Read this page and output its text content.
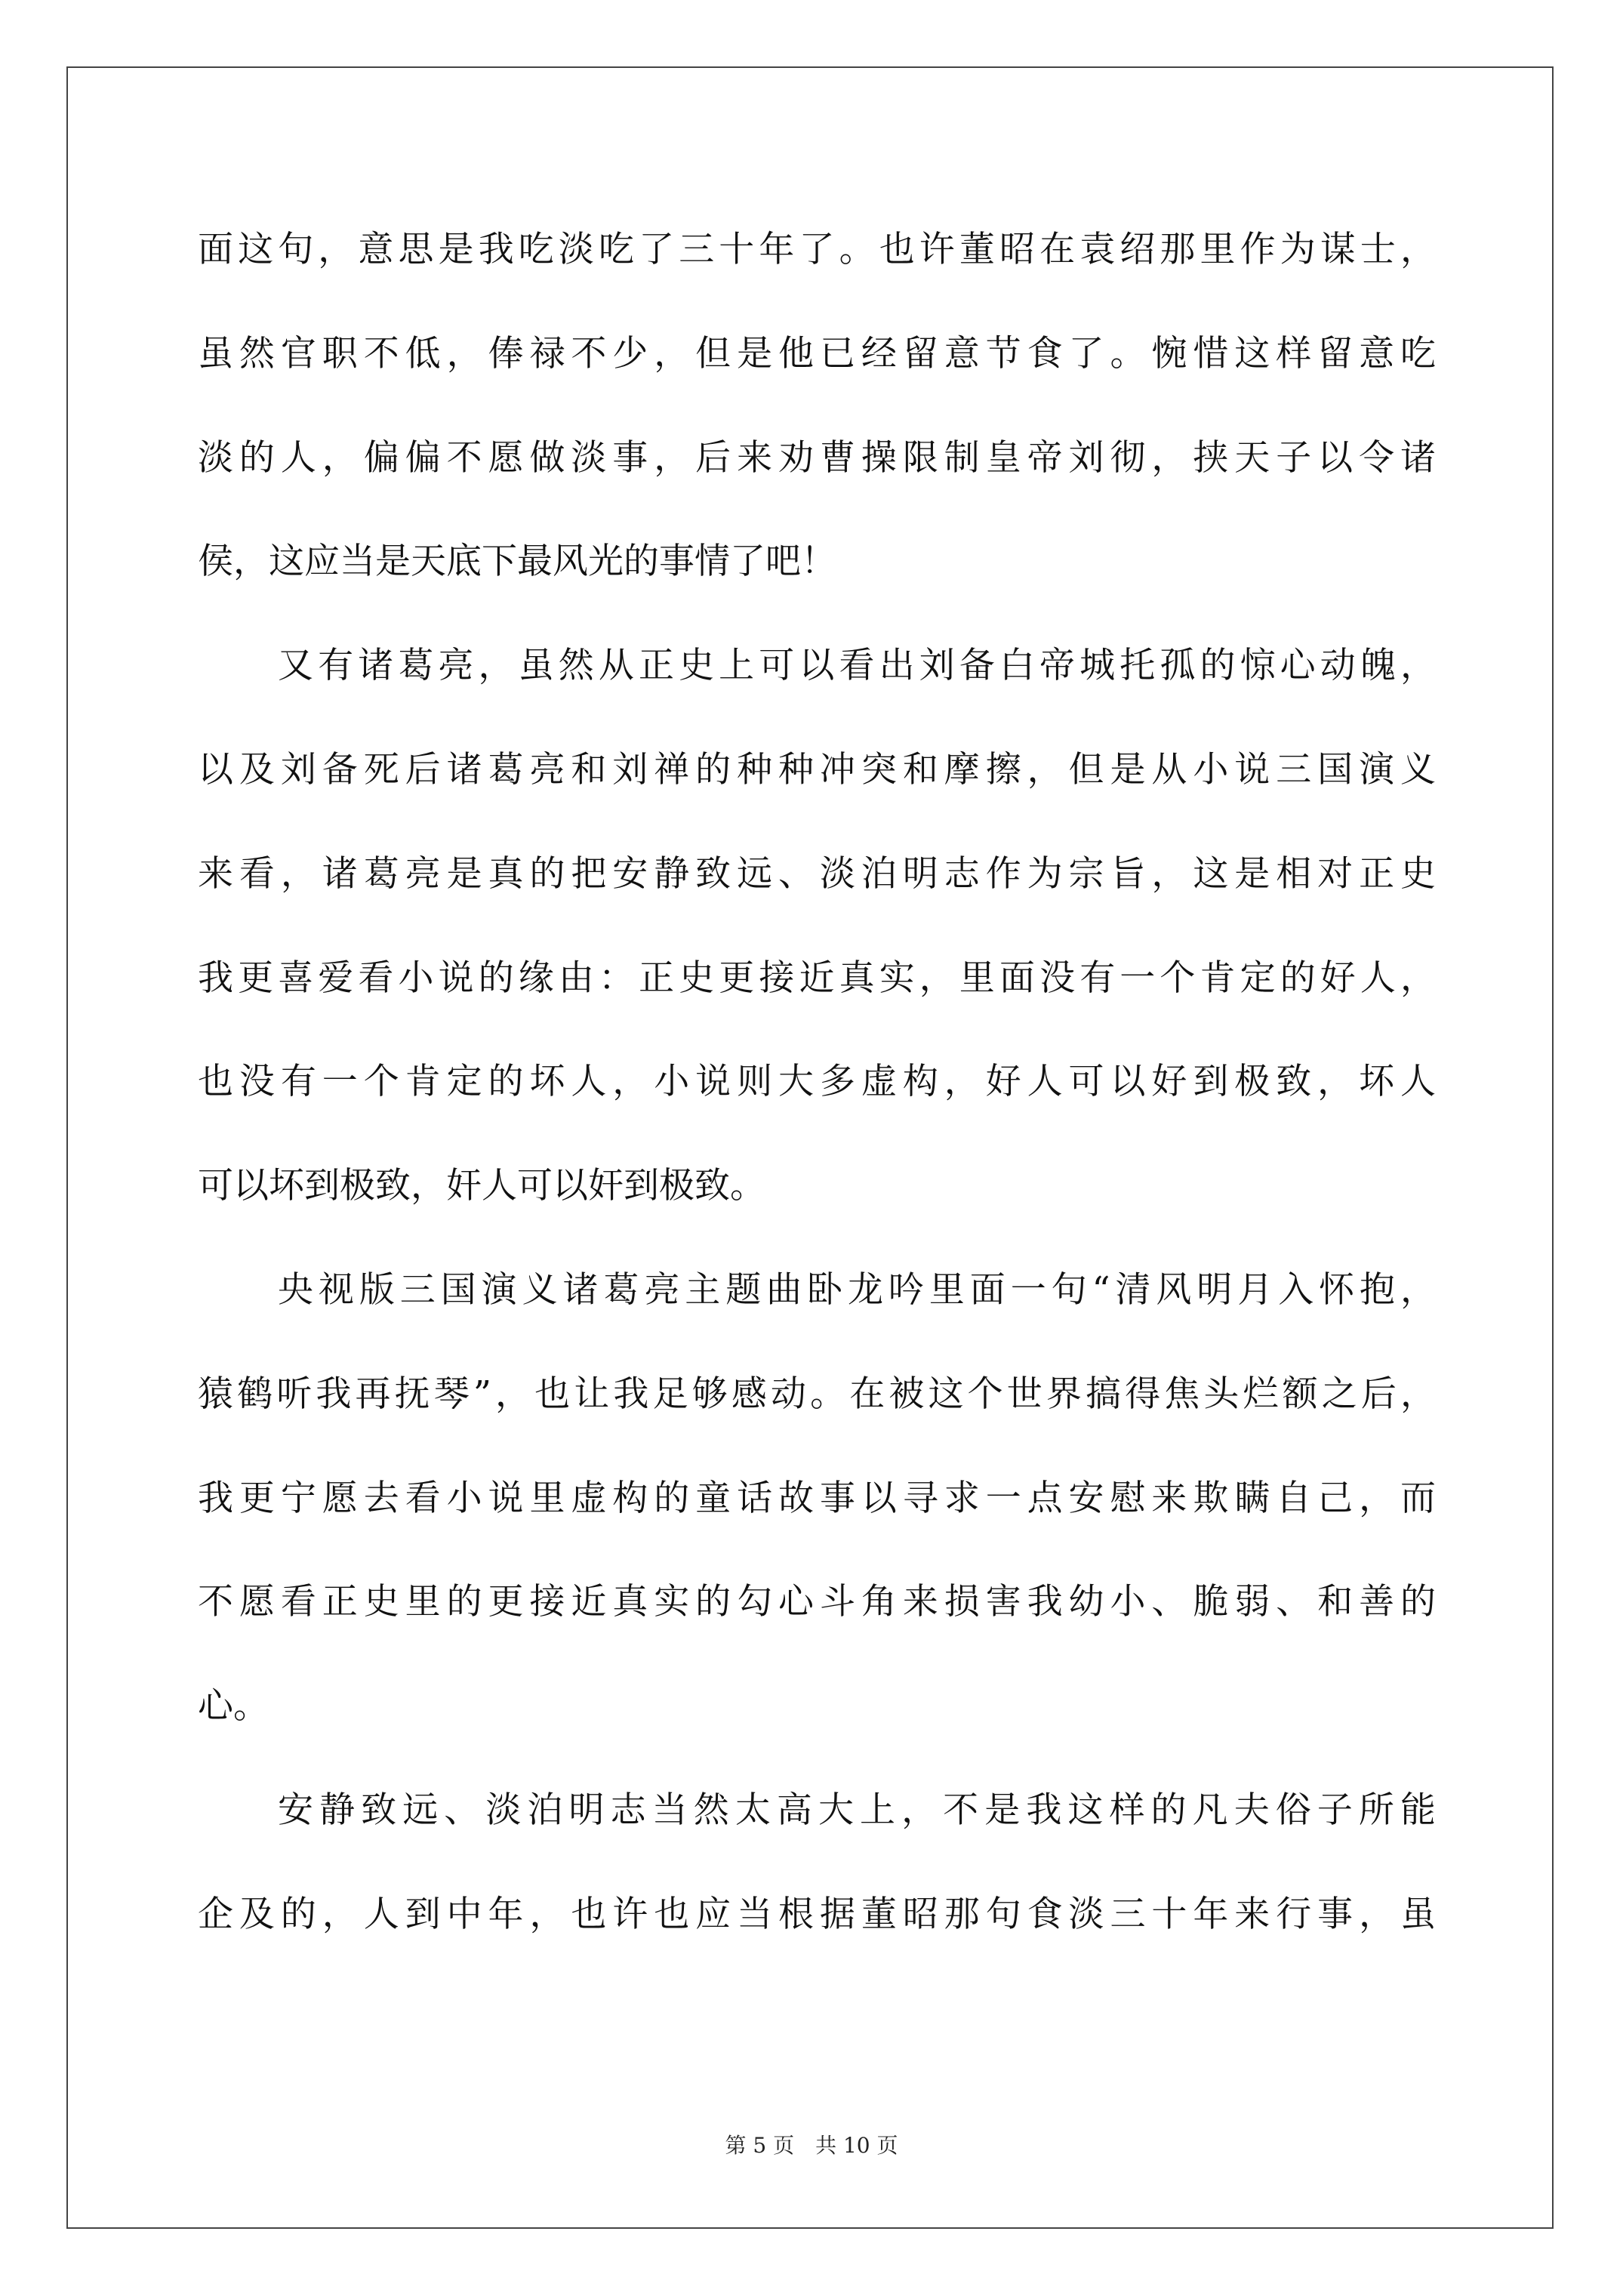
面这句，意思是我吃淡吃了三十年了。也许董昭在袁绍那里作为谋士，
虽然官职不低，俸禄不少，但是他已经留意节食了。惋惜这样留意吃
淡的人，偏偏不愿做淡事，后来劝曹操限制皇帝刘彻，挟天子以令诸
侯，这应当是天底下最风光的事情了吧！
又有诸葛亮，虽然从正史上可以看出刘备白帝城托孤的惊心动魄，
以及刘备死后诸葛亮和刘禅的种种冲突和摩擦，但是从小说三国演义
来看，诸葛亮是真的把安静致远、淡泊明志作为宗旨，这是相对正史
我更喜爱看小说的缘由：正史更接近真实，里面没有一个肯定的好人，
也没有一个肯定的坏人，小说则大多虚构，好人可以好到极致，坏人
可以坏到极致，奸人可以奸到极致。
央视版三国演义诸葛亮主题曲卧龙吟里面一句“清风明月入怀抱，
猿鹤听我再抚琴”，也让我足够感动。在被这个世界搞得焦头烂额之后，
我更宁愿去看小说里虚构的童话故事以寻求一点安慰来欺瞒自己，而
不愿看正史里的更接近真实的勾心斗角来损害我幼小、脆弱、和善的
心。
安静致远、淡泊明志当然太高大上，不是我这样的凡夫俗子所能
企及的，人到中年，也许也应当根据董昭那句食淡三十年来行事，虽
第 5 页　共 10 页
